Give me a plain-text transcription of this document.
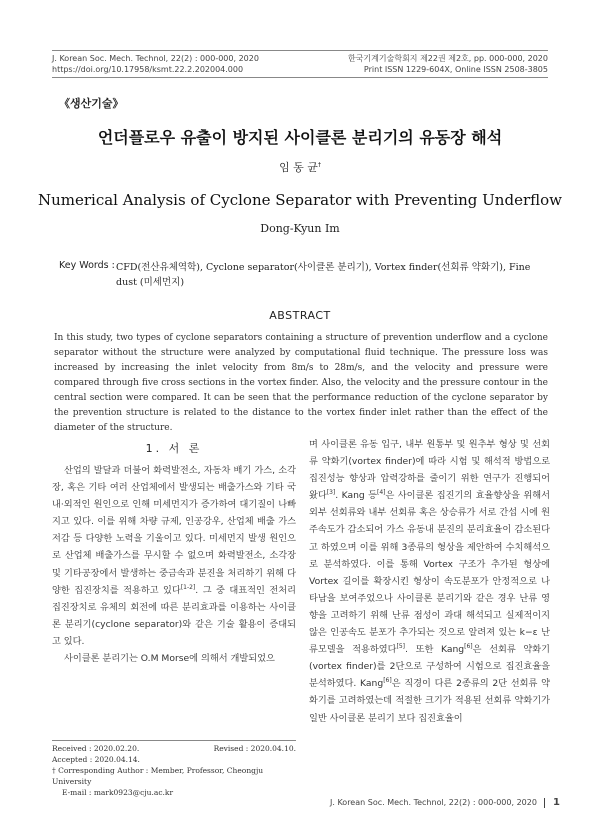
J. Korean Soc. Mech. Technol, 22(2) : 000-000, 2020
https://doi.org/10.17958/ksmt.22.2.202004.000
한국기계기술학회지 제22권 제2호, pp. 000-000, 2020
Print ISSN 1229-604X, Online ISSN 2508-3805
《생산기술》
언더플로우 유출이 방지된 사이클론 분리기의 유동장 해석
임 동 균†
Numerical Analysis of Cyclone Separator with Preventing Underflow
Dong-Kyun Im
Key Words : CFD(전산유체역학), Cyclone separator(사이클론 분리기), Vortex finder(선회류 약화기), Fine dust (미세먼지)
ABSTRACT
In this study, two types of cyclone separators containing a structure of prevention underflow and a cyclone separator without the structure were analyzed by computational fluid technique. The pressure loss was increased by increasing the inlet velocity from 8m/s to 28m/s, and the velocity and pressure were compared through five cross sections in the vortex finder. Also, the velocity and the pressure contour in the central section were compared. It can be seen that the performance reduction of the cyclone separator by the prevention structure is related to the distance to the vortex finder inlet rather than the effect of the diameter of the structure.
1. 서 론

산업의 발달과 더불어 화력발전소, 자동차 배기 가스, 소각장, 혹은 기타 여러 산업체에서 발생되는 배출가스와 기타 국내·외적인 원인으로 인해 미세먼지가 증가하여 대기질이 나빠지고 있다. 이를 위해 차량 규제, 인공강우, 산업체 배출 가스 저감 등 다양한 노력을 기울이고 있다. 미세먼지 발생 원인으로 산업체 배출가스를 무시할 수 없으며 화력발전소, 소각장 및 기타공장에서 발생하는 중금속과 분진을 처리하기 위해 다양한 집진장치를 적용하고 있다[1-2]. 그 중 대표적인 전처리 집진장치로 유체의 회전에 따른 분리효과를 이용하는 사이클론 분리기(cyclone separator)와 같은 기술 활용이 증대되고 있다.

사이클론 분리기는 O.M Morse에 의해서 개발되었으

Received : 2020.02.20.	Revised : 2020.04.10.
Accepted : 2020.04.14.
† Corresponding Author : Member, Professor, Cheongju University
E-mail : mark0923@cju.ac.kr

며 사이클론 유동 입구, 내부 원통부 및 원추부 형상 및 선회류 약화기(vortex finder)에 따라 시험 및 해석적 방법으로 집진성능 향상과 압력강하를 줄이기 위한 연구가 진행되어 왔다[3]. Kang 등[4]은 사이클론 집진기의 효율향상을 위해서 외부 선회류와 내부 선회류 혹은 상승류가 서로 간섭 시에 원주속도가 감소되어 가스 유동내 분진의 분리효율이 감소된다고 하였으며 이를 위해 3종류의 형상을 제안하여 수치해석으로 분석하였다. 이를 통해 Vortex 구조가 추가된 형상에 Vortex 길이를 확장시킨 형상이 속도분포가 안정적으로 나타남을 보여주었으나 사이클론 분리기와 같은 경우 난류 영향을 고려하기 위해 난류 점성이 과대 해석되고 실제적이지 않은 인공속도 분포가 추가되는 것으로 알려져 있는 k−ε 난류모델을 적용하였다[5]. 또한 Kang[6]은 선회류 약화기(vortex finder)를 2단으로 구성하여 시험으로 집진효율을 분석하였다. Kang[6]은 직경이 다른 2종류의 2단 선회류 약화기를 고려하였는데 적절한 크기가 적용된 선회류 약화기가 일반 사이클론 분리기 보다 집진효율이

J. Korean Soc. Mech. Technol, 22(2) : 000-000, 2020 1
